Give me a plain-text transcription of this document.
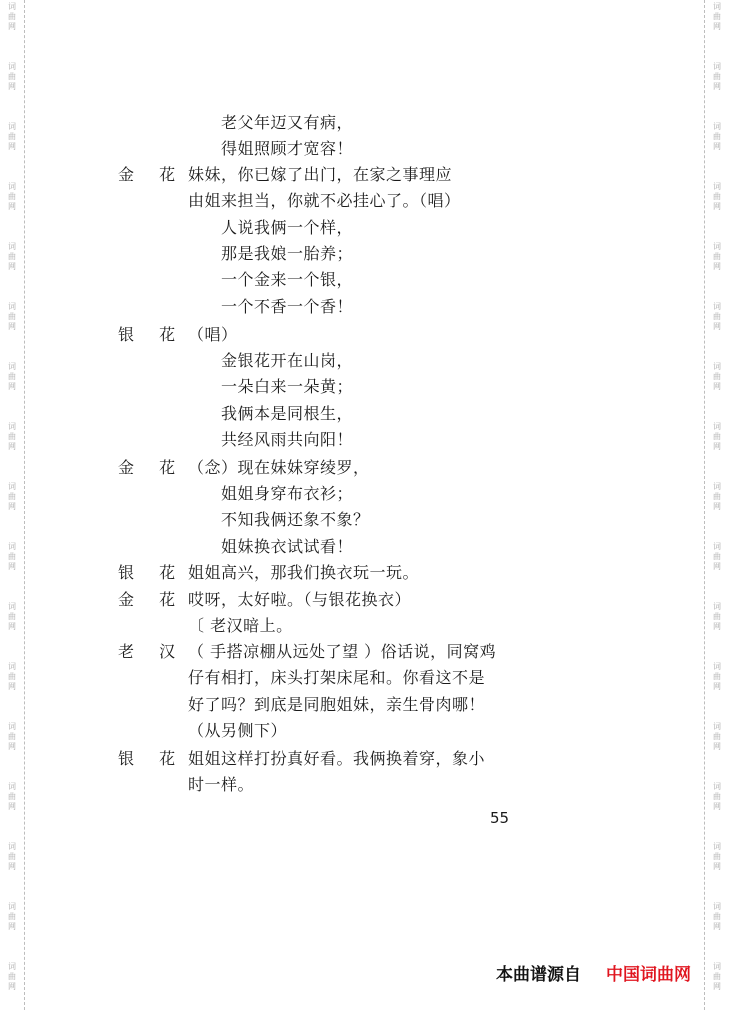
词
曲
网
词
曲
网
词
曲
网
词
曲
网
词
曲
网
词
曲
网
词
曲
网
词
曲
网
词
曲
网
词
曲
网
词
曲
网
词
曲
网
词
曲
网
词
曲
网
词
曲
网
词
曲
网
词
曲
网
词
曲
网
词
曲
网
词
曲
网
词
曲
网
词
曲
网
词
曲
网
词
曲
网
词
曲
网
词
曲
网
词
曲
网
词
曲
网
词
曲
网
词
曲
网
词
曲
网
词
曲
网
词
曲
网
词
曲
网
金 花
银 花
金 花
银 花
金 花
老 汉
银 花
老父年迈又有病，
得姐照顾才宽容！
妹妹，你已嫁了出门，在家之事理应
由姐来担当，你就不必挂心了。（唱）
人说我俩一个样，
那是我娘一胎养；
一个金来一个银，
一个不香一个香！
（唱）
金银花开在山岗，
一朵白来一朵黄；
我俩本是同根生，
共经风雨共向阳！
（念）现在妹妹穿绫罗，
姐姐身穿布衣衫；
不知我俩还象不象？
姐妹换衣试试看！
姐姐高兴，那我们换衣玩一玩。
哎呀，太好啦。（与银花换衣）
〔 老汉暗上。
（ 手搭凉棚从远处了望 ）俗话说，同窝鸡
仔有相打，床头打架床尾和。你看这不是
好了吗？到底是同胞姐妹，亲生骨肉哪！
（从另侧下）
姐姐这样打扮真好看。我俩换着穿，象小
时一样。
55
本曲谱源自 中国词曲网
